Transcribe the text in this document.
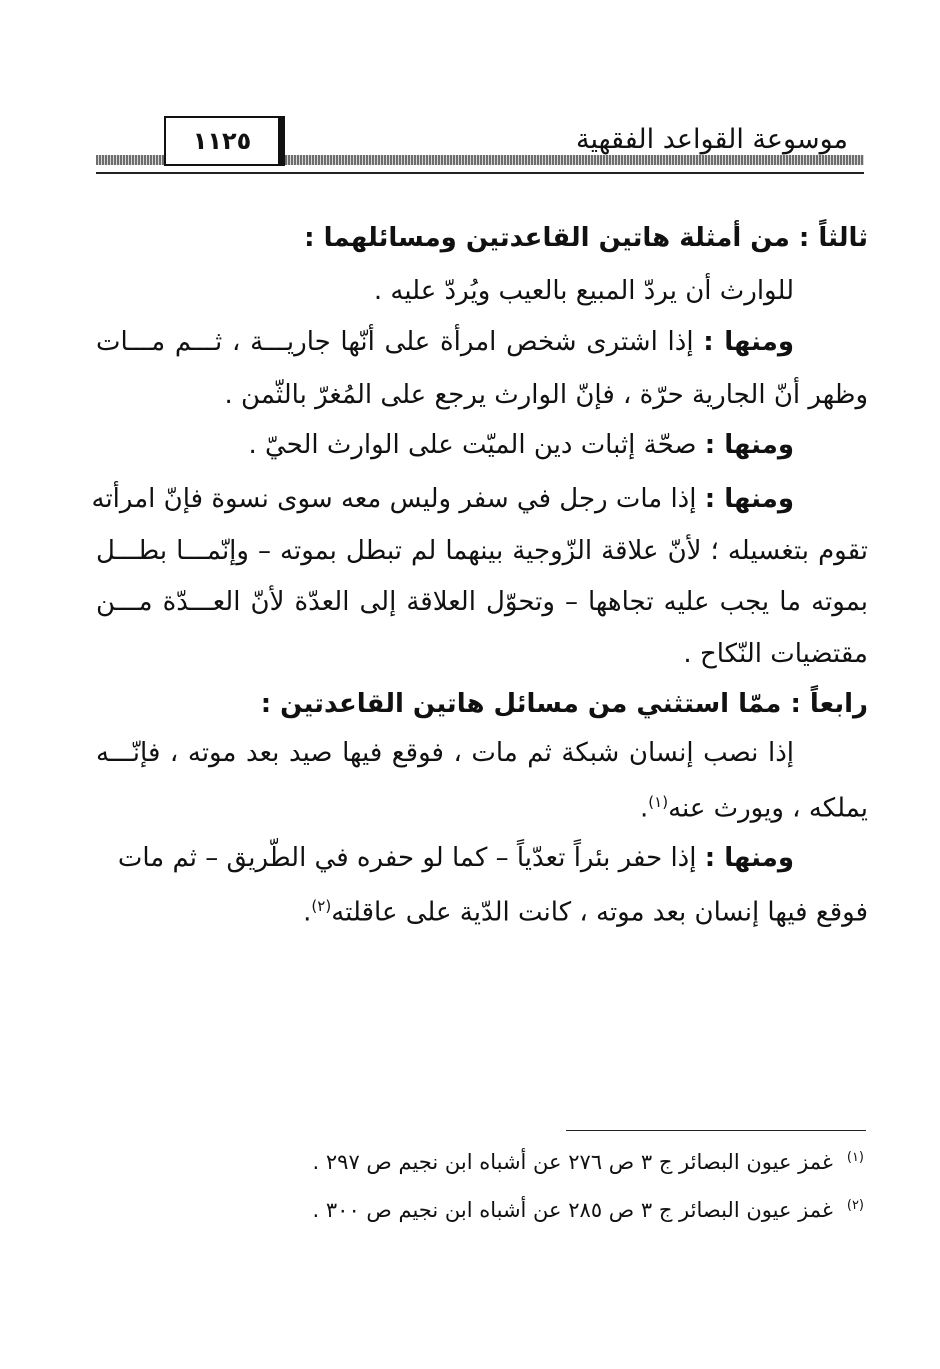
موسوعة القواعد الفقهية
١١٢٥
ثالثاً : من أمثلة هاتين القاعدتين ومسائلهما :
للوارث أن يردّ المبيع بالعيب ويُردّ عليه .
ومنها : إذا اشترى شخص امرأة على أنّها جاريـــة ، ثـــم مـــات
وظهر أنّ الجارية حرّة ، فإنّ الوارث يرجع على المُغرّ بالثّمن .
ومنها : صحّة إثبات دين الميّت على الوارث الحيّ .
ومنها : إذا مات رجل في سفر وليس معه سوى نسوة فإنّ امرأته
تقوم بتغسيله ؛ لأنّ علاقة الزّوجية بينهما لم تبطل بموته – وإنّمـــا بطـــل
بموته ما يجب عليه تجاهها – وتحوّل العلاقة إلى العدّة لأنّ العـــدّة مـــن
مقتضيات النّكاح .
رابعاً : ممّا استثني من مسائل هاتين القاعدتين :
إذا نصب إنسان شبكة ثم مات ، فوقع فيها صيد بعد موته ، فإنّـــه
يملكه ، ويورث عنه$^{(١)}$.
ومنها : إذا حفر بئراً تعدّياً – كما لو حفره في الطّريق – ثم مات
فوقع فيها إنسان بعد موته ، كانت الدّية على عاقلته$^{(٢)}$.
$^{(١)}$غمز عيون البصائر ج ٣ ص ٢٧٦ عن أشباه ابن نجيم ص ٢٩٧ .
$^{(٢)}$غمز عيون البصائر ج ٣ ص ٢٨٥ عن أشباه ابن نجيم ص ٣٠٠ .
